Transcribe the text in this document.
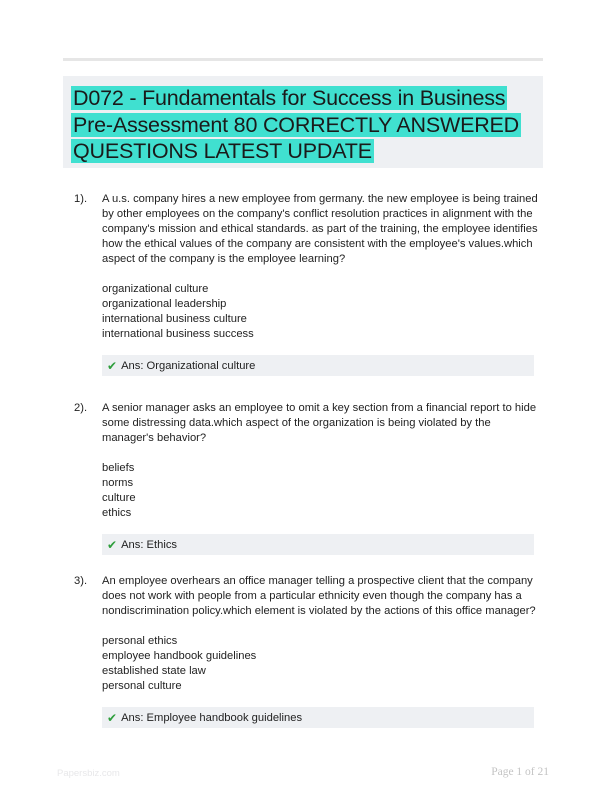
D072 - Fundamentals for Success in Business
Pre-Assessment 80 CORRECTLY ANSWERED
QUESTIONS LATEST UPDATE
1). A u.s. company hires a new employee from germany. the new employee is being trained by other employees on the company's conflict resolution practices in alignment with the company's mission and ethical standards. as part of the training, the employee identifies how the ethical values of the company are consistent with the employee's values.which aspect of the company is the employee learning?
organizational culture
organizational leadership
international business culture
international business success
✔ Ans: Organizational culture
2). A senior manager asks an employee to omit a key section from a financial report to hide some distressing data.which aspect of the organization is being violated by the manager's behavior?
beliefs
norms
culture
ethics
✔ Ans: Ethics
3). An employee overhears an office manager telling a prospective client that the company does not work with people from a particular ethnicity even though the company has a nondiscrimination policy.which element is violated by the actions of this office manager?
personal ethics
employee handbook guidelines
established state law
personal culture
✔ Ans: Employee handbook guidelines
Papersbiz.com	Page 1 of 21
